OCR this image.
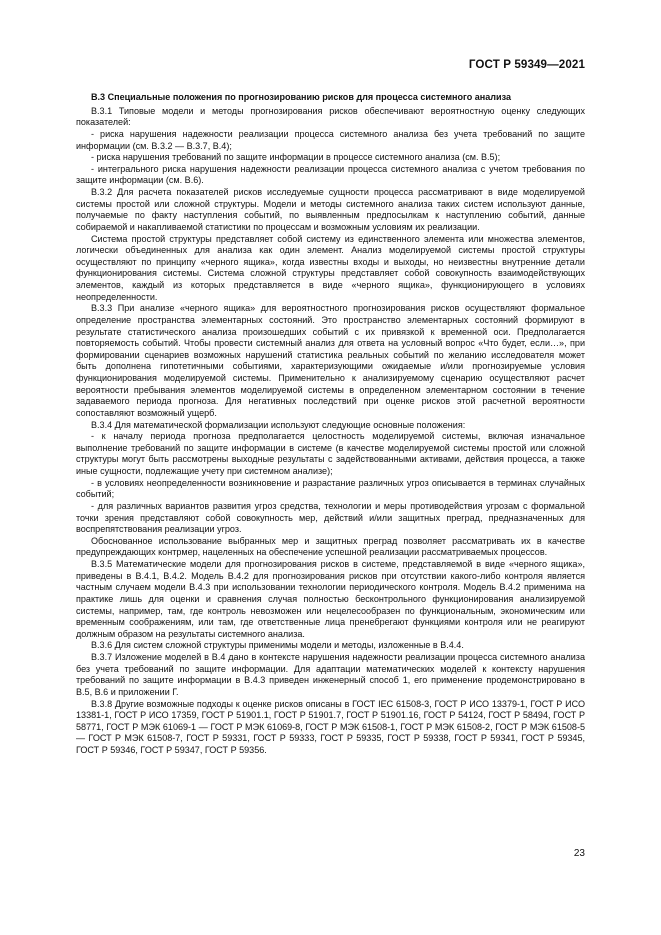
ГОСТ Р 59349—2021

В.3 Специальные положения по прогнозированию рисков для процесса системного анализа

В.3.1 Типовые модели и методы прогнозирования рисков обеспечивают вероятностную оценку следующих показателей:

- риска нарушения надежности реализации процесса системного анализа без учета требований по защите информации (см. В.3.2 — В.3.7, В.4);

- риска нарушения требований по защите информации в процессе системного анализа (см. В.5);

- интегрального риска нарушения надежности реализации процесса системного анализа с учетом требования по защите информации (см. В.6).

В.3.2 Для расчета показателей рисков исследуемые сущности процесса рассматривают в виде моделируемой системы простой или сложной структуры. Модели и методы системного анализа таких систем используют данные, получаемые по факту наступления событий, по выявленным предпосылкам к наступлению событий, данные собираемой и накапливаемой статистики по процессам и возможным условиям их реализации.

Система простой структуры представляет собой систему из единственного элемента или множества элементов, логически объединенных для анализа как один элемент. Анализ моделируемой системы простой структуры осуществляют по принципу «черного ящика», когда известны входы и выходы, но неизвестны внутренние детали функционирования системы. Система сложной структуры представляет собой совокупность взаимодействующих элементов, каждый из которых представляется в виде «черного ящика», функционирующего в условиях неопределенности.

В.3.3 При анализе «черного ящика» для вероятностного прогнозирования рисков осуществляют формальное определение пространства элементарных состояний. Это пространство элементарных состояний формируют в результате статистического анализа произошедших событий с их привязкой к временной оси. Предполагается повторяемость событий. Чтобы провести системный анализ для ответа на условный вопрос «Что будет, если…», при формировании сценариев возможных нарушений статистика реальных событий по желанию исследователя может быть дополнена гипотетичными событиями, характеризующими ожидаемые и/или прогнозируемые условия функционирования моделируемой системы. Применительно к анализируемому сценарию осуществляют расчет вероятности пребывания элементов моделируемой системы в определенном элементарном состоянии в течение задаваемого периода прогноза. Для негативных последствий при оценке рисков этой расчетной вероятности сопоставляют возможный ущерб.

В.3.4 Для математической формализации используют следующие основные положения:

- к началу периода прогноза предполагается целостность моделируемой системы, включая изначальное выполнение требований по защите информации в системе (в качестве моделируемой системы простой или сложной структуры могут быть рассмотрены выходные результаты с задействованными активами, действия процесса, а также иные сущности, подлежащие учету при системном анализе);

- в условиях неопределенности возникновение и разрастание различных угроз описывается в терминах случайных событий;

- для различных вариантов развития угроз средства, технологии и меры противодействия угрозам с формальной точки зрения представляют собой совокупность мер, действий и/или защитных преград, предназначенных для воспрепятствования реализации угроз.

Обоснованное использование выбранных мер и защитных преград позволяет рассматривать их в качестве предупреждающих контрмер, нацеленных на обеспечение успешной реализации рассматриваемых процессов.

В.3.5 Математические модели для прогнозирования рисков в системе, представляемой в виде «черного ящика», приведены в В.4.1, В.4.2. Модель В.4.2 для прогнозирования рисков при отсутствии какого-либо контроля является частным случаем модели В.4.3 при использовании технологии периодического контроля. Модель В.4.2 применима на практике лишь для оценки и сравнения случая полностью бесконтрольного функционирования анализируемой системы, например, там, где контроль невозможен или нецелесообразен по функциональным, экономическим или временным соображениям, или там, где ответственные лица пренебрегают функциями контроля или не реагируют должным образом на результаты системного анализа.

В.3.6 Для систем сложной структуры применимы модели и методы, изложенные в В.4.4.

В.3.7 Изложение моделей в В.4 дано в контексте нарушения надежности реализации процесса системного анализа без учета требований по защите информации. Для адаптации математических моделей к контексту нарушения требований по защите информации в В.4.3 приведен инженерный способ 1, его применение продемонстрировано в В.5, В.6 и приложении Г.

В.3.8 Другие возможные подходы к оценке рисков описаны в ГОСТ IEC 61508-3, ГОСТ Р ИСО 13379-1, ГОСТ Р ИСО 13381-1, ГОСТ Р ИСО 17359, ГОСТ Р 51901.1, ГОСТ Р 51901.7, ГОСТ Р 51901.16, ГОСТ Р 54124, ГОСТ Р 58494, ГОСТ Р 58771, ГОСТ Р МЭК 61069-1 — ГОСТ Р МЭК 61069-8, ГОСТ Р МЭК 61508-1, ГОСТ Р МЭК 61508-2, ГОСТ Р МЭК 61508-5 — ГОСТ Р МЭК 61508-7, ГОСТ Р 59331, ГОСТ Р 59333, ГОСТ Р 59335, ГОСТ Р 59338, ГОСТ Р 59341, ГОСТ Р 59345, ГОСТ Р 59346, ГОСТ Р 59347, ГОСТ Р 59356.

23
